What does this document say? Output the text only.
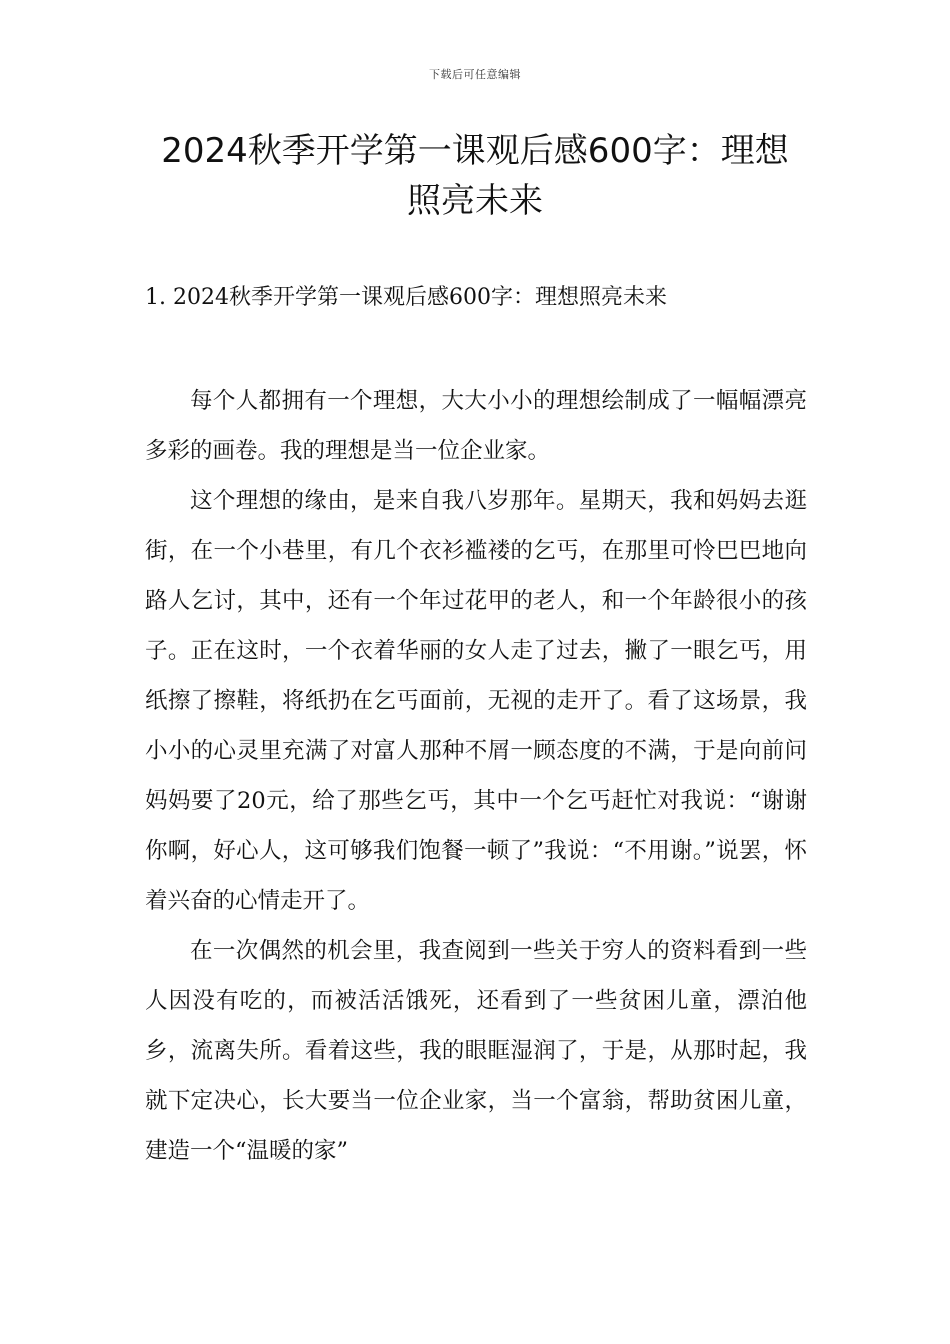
下载后可任意编辑
2024秋季开学第一课观后感600字：理想照亮未来
1. 2024秋季开学第一课观后感600字：理想照亮未来

每个人都拥有一个理想，大大小小的理想绘制成了一幅幅漂亮多彩的画卷。我的理想是当一位企业家。

这个理想的缘由，是来自我八岁那年。星期天，我和妈妈去逛街，在一个小巷里，有几个衣衫褴褛的乞丐，在那里可怜巴巴地向路人乞讨，其中，还有一个年过花甲的老人，和一个年龄很小的孩子。正在这时，一个衣着华丽的女人走了过去，撇了一眼乞丐，用纸擦了擦鞋，将纸扔在乞丐面前，无视的走开了。看了这场景，我小小的心灵里充满了对富人那种不屑一顾态度的不满，于是向前问妈妈要了20元，给了那些乞丐，其中一个乞丐赶忙对我说：“谢谢你啊，好心人，这可够我们饱餐一顿了”我说：“不用谢。”说罢，怀着兴奋的心情走开了。

在一次偶然的机会里，我查阅到一些关于穷人的资料看到一些人因没有吃的，而被活活饿死，还看到了一些贫困儿童，漂泊他乡，流离失所。看着这些，我的眼眶湿润了，于是，从那时起，我就下定决心，长大要当一位企业家，当一个富翁，帮助贫困儿童，建造一个“温暖的家”
